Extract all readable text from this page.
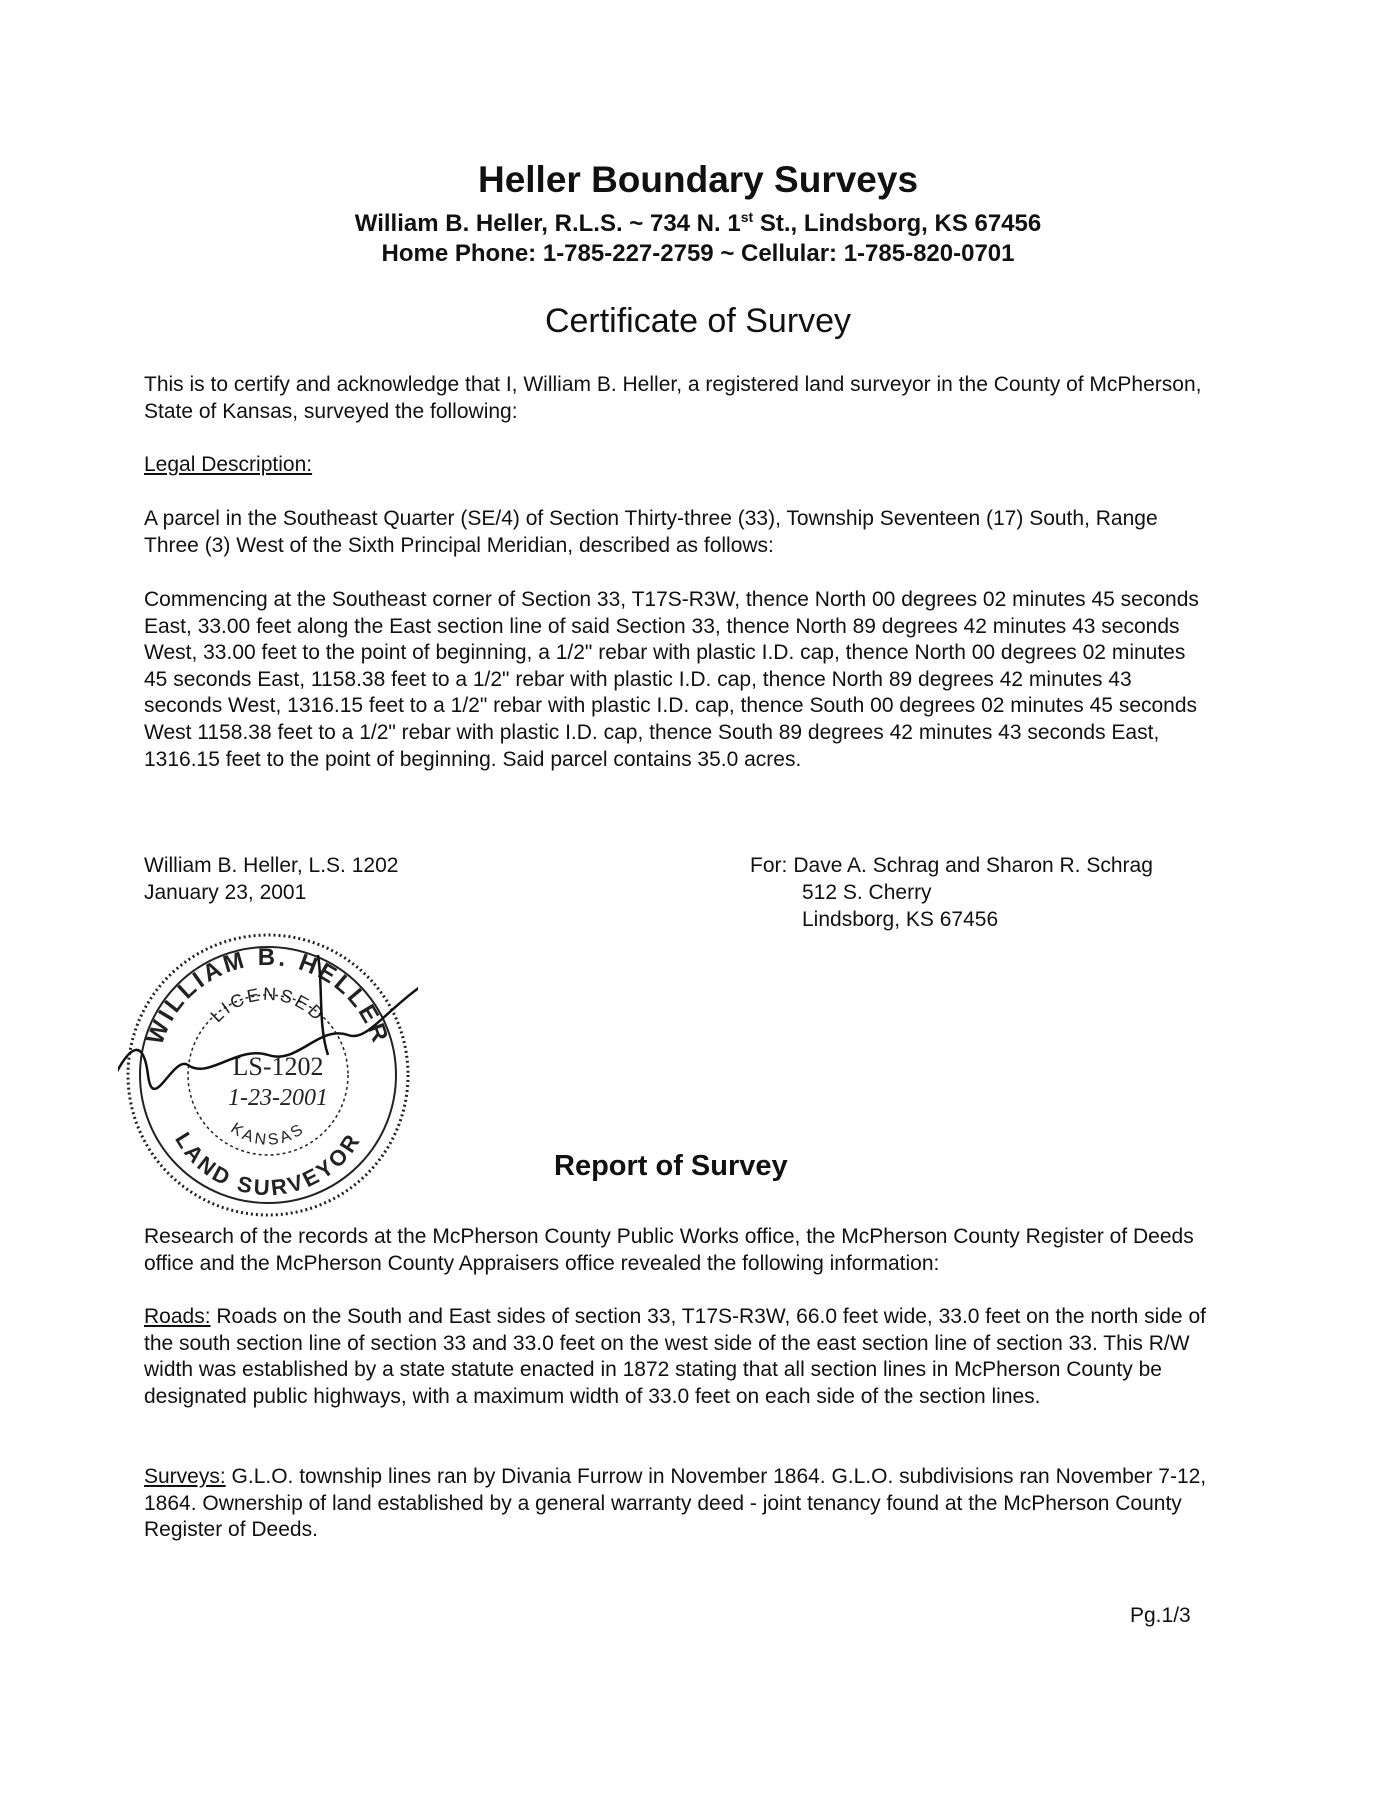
Heller Boundary Surveys
William B. Heller, R.L.S. ~ 734 N. 1st St., Lindsborg, KS 67456
Home Phone: 1-785-227-2759 ~ Cellular: 1-785-820-0701
Certificate of Survey
This is to certify and acknowledge that I, William B. Heller, a registered land surveyor in the County of McPherson, State of Kansas, surveyed the following:
Legal Description:
A parcel in the Southeast Quarter (SE/4) of Section Thirty-three (33), Township Seventeen (17) South, Range Three (3) West of the Sixth Principal Meridian, described as follows:
Commencing at the Southeast corner of Section 33, T17S-R3W, thence North 00 degrees 02 minutes 45 seconds East, 33.00 feet along the East section line of said Section 33, thence North 89 degrees 42 minutes 43 seconds West, 33.00 feet to the point of beginning, a 1/2" rebar with plastic I.D. cap, thence North 00 degrees 02 minutes 45 seconds East, 1158.38 feet to a 1/2" rebar with plastic I.D. cap, thence North 89 degrees 42 minutes 43 seconds West, 1316.15 feet to a 1/2" rebar with plastic I.D. cap, thence South 00 degrees 02 minutes 45 seconds West 1158.38 feet to a 1/2" rebar with plastic I.D. cap, thence South 89 degrees 42 minutes 43 seconds East, 1316.15 feet to the point of beginning. Said parcel contains 35.0 acres.
William B. Heller, L.S. 1202
January 23, 2001
For: Dave A. Schrag and Sharon R. Schrag
512 S. Cherry
Lindsborg, KS 67456
WILLIAM B. HELLER
LAND SURVEYOR
LICENSED
KANSAS
LS-1202
1-23-2001
Report of Survey
Research of the records at the McPherson County Public Works office, the McPherson County Register of Deeds office and the McPherson County Appraisers office revealed the following information:
Roads: Roads on the South and East sides of section 33, T17S-R3W, 66.0 feet wide, 33.0 feet on the north side of the south section line of section 33 and 33.0 feet on the west side of the east section line of section 33. This R/W width was established by a state statute enacted in 1872 stating that all section lines in McPherson County be designated public highways, with a maximum width of 33.0 feet on each side of the section lines.
Surveys: G.L.O. township lines ran by Divania Furrow in November 1864. G.L.O. subdivisions ran November 7-12, 1864. Ownership of land established by a general warranty deed - joint tenancy found at the McPherson County Register of Deeds.
Pg.1/3
